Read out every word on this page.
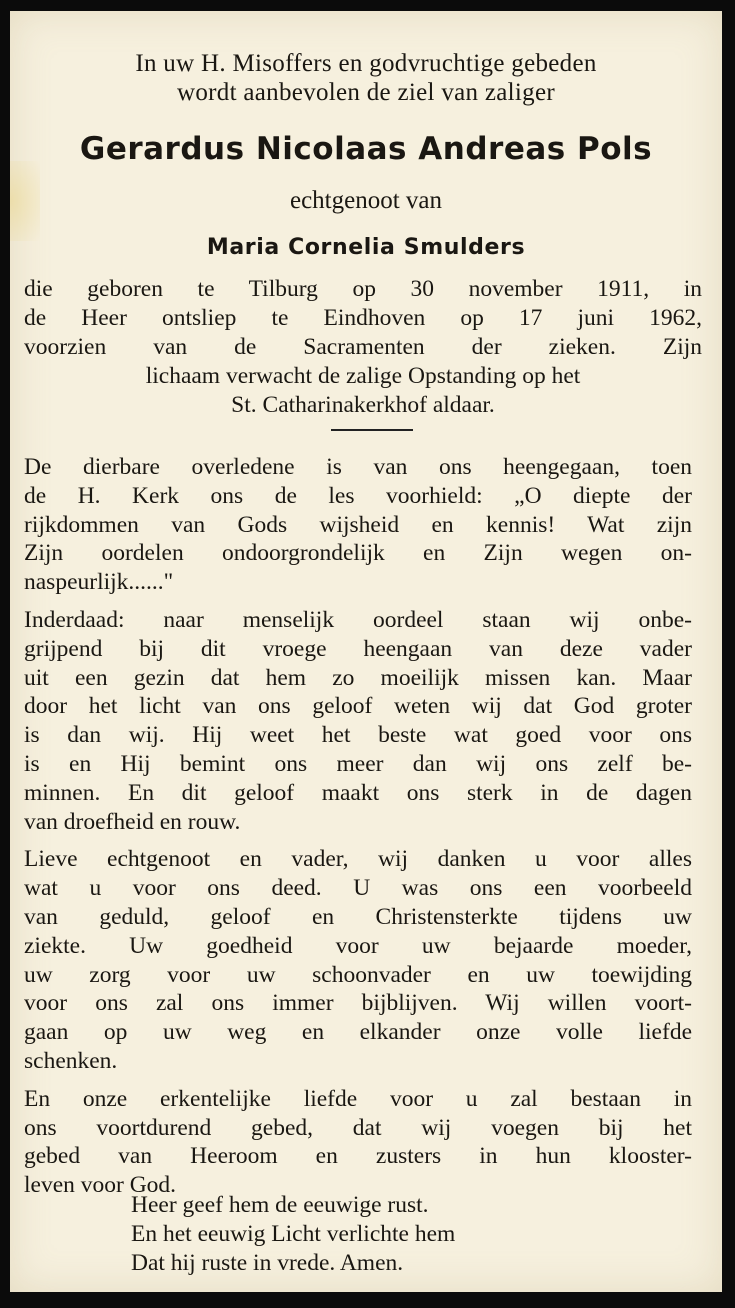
In uw H. Misoffers en godvruchtige gebeden
wordt aanbevolen de ziel van zaliger
Gerardus Nicolaas Andreas Pols
echtgenoot van
Maria Cornelia Smulders
die geboren te Tilburg op 30 november 1911, in
de Heer ontsliep te Eindhoven op 17 juni 1962,
voorzien van de Sacramenten der zieken. Zijn
lichaam verwacht de zalige Opstanding op het
St. Catharinakerkhof aldaar.
De dierbare overledene is van ons heengegaan, toen
de H. Kerk ons de les voorhield: „O diepte der
rijkdommen van Gods wijsheid en kennis! Wat zijn
Zijn oordelen ondoorgrondelijk en Zijn wegen on-
naspeurlijk......"
Inderdaad: naar menselijk oordeel staan wij onbe-
grijpend bij dit vroege heengaan van deze vader
uit een gezin dat hem zo moeilijk missen kan. Maar
door het licht van ons geloof weten wij dat God groter
is dan wij. Hij weet het beste wat goed voor ons
is en Hij bemint ons meer dan wij ons zelf be-
minnen. En dit geloof maakt ons sterk in de dagen
van droefheid en rouw.
Lieve echtgenoot en vader, wij danken u voor alles
wat u voor ons deed. U was ons een voorbeeld
van geduld, geloof en Christensterkte tijdens uw
ziekte. Uw goedheid voor uw bejaarde moeder,
uw zorg voor uw schoonvader en uw toewijding
voor ons zal ons immer bijblijven. Wij willen voort-
gaan op uw weg en elkander onze volle liefde
schenken.
En onze erkentelijke liefde voor u zal bestaan in
ons voortdurend gebed, dat wij voegen bij het
gebed van Heeroom en zusters in hun klooster-
leven voor God.
Heer geef hem de eeuwige rust.
En het eeuwig Licht verlichte hem
Dat hij ruste in vrede. Amen.
